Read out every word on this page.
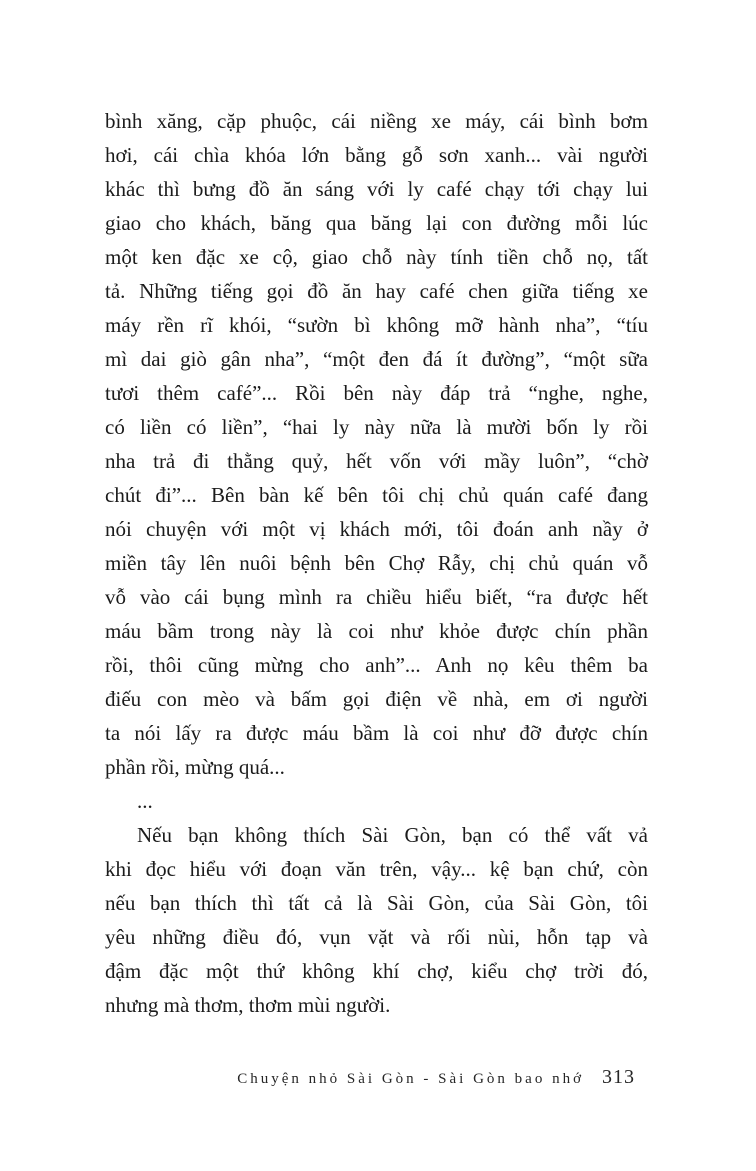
bình xăng, cặp phuộc, cái niềng xe máy, cái bình bơm
hơi, cái chìa khóa lớn bằng gỗ sơn xanh... vài người
khác thì bưng đồ ăn sáng với ly café chạy tới chạy lui
giao cho khách, băng qua băng lại con đường mỗi lúc
một ken đặc xe cộ, giao chỗ này tính tiền chỗ nọ, tất
tả. Những tiếng gọi đồ ăn hay café chen giữa tiếng xe
máy rền rĩ khói, “sườn bì không mỡ hành nha”, “tíu
mì dai giò gân nha”, “một đen đá ít đường”, “một sữa
tươi thêm café”... Rồi bên này đáp trả “nghe, nghe,
có liền có liền”, “hai ly này nữa là mười bốn ly rồi
nha trả đi thằng quỷ, hết vốn với mầy luôn”, “chờ
chút đi”... Bên bàn kế bên tôi chị chủ quán café đang
nói chuyện với một vị khách mới, tôi đoán anh nầy ở
miền tây lên nuôi bệnh bên Chợ Rẫy, chị chủ quán vỗ
vỗ vào cái bụng mình ra chiều hiểu biết, “ra được hết
máu bầm trong này là coi như khỏe được chín phần
rồi, thôi cũng mừng cho anh”... Anh nọ kêu thêm ba
điếu con mèo và bấm gọi điện về nhà, em ơi người
ta nói lấy ra được máu bầm là coi như đỡ được chín
phần rồi, mừng quá...
...
Nếu bạn không thích Sài Gòn, bạn có thể vất vả
khi đọc hiểu với đoạn văn trên, vậy... kệ bạn chứ, còn
nếu bạn thích thì tất cả là Sài Gòn, của Sài Gòn, tôi
yêu những điều đó, vụn vặt và rối nùi, hỗn tạp và
đậm đặc một thứ không khí chợ, kiểu chợ trời đó,
nhưng mà thơm, thơm mùi người.
Chuyện nhỏ Sài Gòn - Sài Gòn bao nhớ 313
